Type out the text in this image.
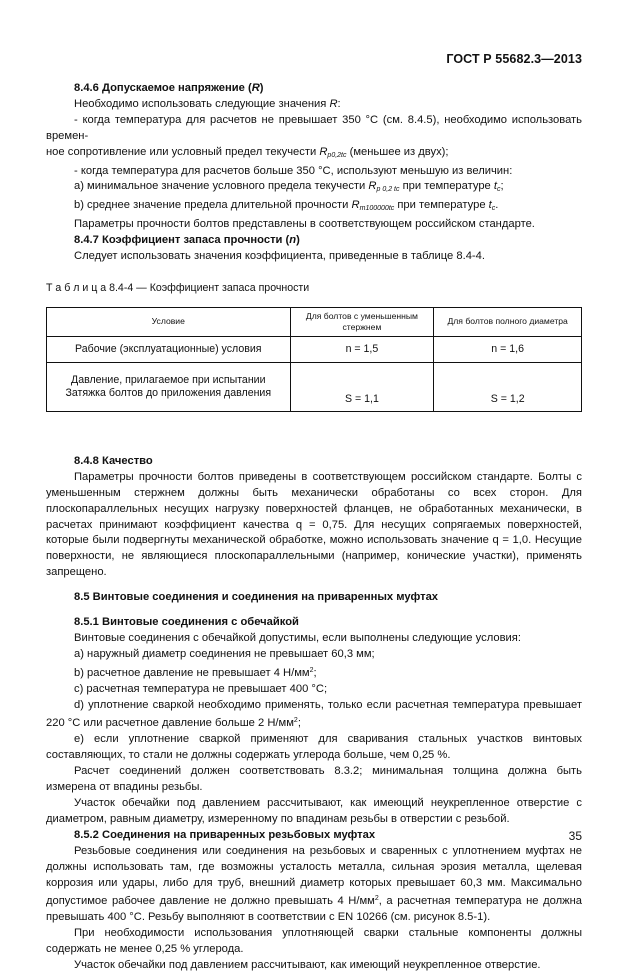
ГОСТ Р 55682.3—2013

8.4.6 Допускаемое напряжение (R)

Необходимо использовать следующие значения R:

- когда температура для расчетов не превышает 350 °С (см. 8.4.5), необходимо использовать времен-

ное сопротивление или условный предел текучести $R_{p0,2tc}$ (меньшее из двух);

- когда температура для расчетов больше 350 °С, используют меньшую из величин:

а) минимальное значение условного предела текучести $R_{p 0,2 tc}$ при температуре $t_c$;

b) среднее значение предела длительной прочности $R_{m100000tc}$ при температуре $t_c$.

Параметры прочности болтов представлены в соответствующем российском стандарте.

8.4.7 Коэффициент запаса прочности (n)

Следует использовать значения коэффициента, приведенные в таблице 8.4-4.

Т а б л и ц а 8.4-4 — Коэффициент запаса прочности

Условие	Для болтов с уменьшенным стержнем	Для болтов полного диаметра
Рабочие (эксплуатационные) условия	n = 1,5	n = 1,6

Давление, прилагаемое при испытании
Затяжка болтов до приложения давления	S = 1,1	S = 1,2

8.4.8 Качество

Параметры прочности болтов приведены в соответствующем российском стандарте. Болты с уменьшенным стержнем должны быть механически обработаны со всех сторон. Для плоскопараллельных несущих нагрузку поверхностей фланцев, не обработанных механически, в расчетах принимают коэффициент качества q = 0,75. Для несущих сопрягаемых поверхностей, которые были подвергнуты механической обработке, можно использовать значение q = 1,0. Несущие поверхности, не являющиеся плоскопараллельными (например, конические участки), применять запрещено.

8.5 Винтовые соединения и соединения на приваренных муфтах

8.5.1 Винтовые соединения с обечайкой

Винтовые соединения с обечайкой допустимы, если выполнены следующие условия:

а) наружный диаметр соединения не превышает 60,3 мм;

b) расчетное давление не превышает 4 $Н/мм^2$;

c) расчетная температура не превышает 400 °С;

d) уплотнение сваркой необходимо применять, только если расчетная температура превышает 220 °С или расчетное давление больше 2 $Н/мм^2$;

е) если уплотнение сваркой применяют для сваривания стальных участков винтовых составляющих, то стали не должны содержать углерода больше, чем 0,25 %.

Расчет соединений должен соответствовать 8.3.2; минимальная толщина должна быть измерена от впадины резьбы.

Участок обечайки под давлением рассчитывают, как имеющий неукрепленное отверстие с диаметром, равным диаметру, измеренному по впадинам резьбы в отверстии с резьбой.

8.5.2 Соединения на приваренных резьбовых муфтах

Резьбовые соединения или соединения на резьбовых и сваренных с уплотнением муфтах не должны использовать там, где возможны усталость металла, сильная эрозия металла, щелевая коррозия или удары, либо для труб, внешний диаметр которых превышает 60,3 мм. Максимально допустимое рабочее давление не должно превышать 4 $Н/мм^2$, а расчетная температура не должна превышать 400 °С. Резьбу выполняют в соответствии с EN 10266 (см. рисунок 8.5-1).

При необходимости использования уплотняющей сварки стальные компоненты должны содержать не менее 0,25 % углерода.

Участок обечайки под давлением рассчитывают, как имеющий неукрепленное отверстие.

35
